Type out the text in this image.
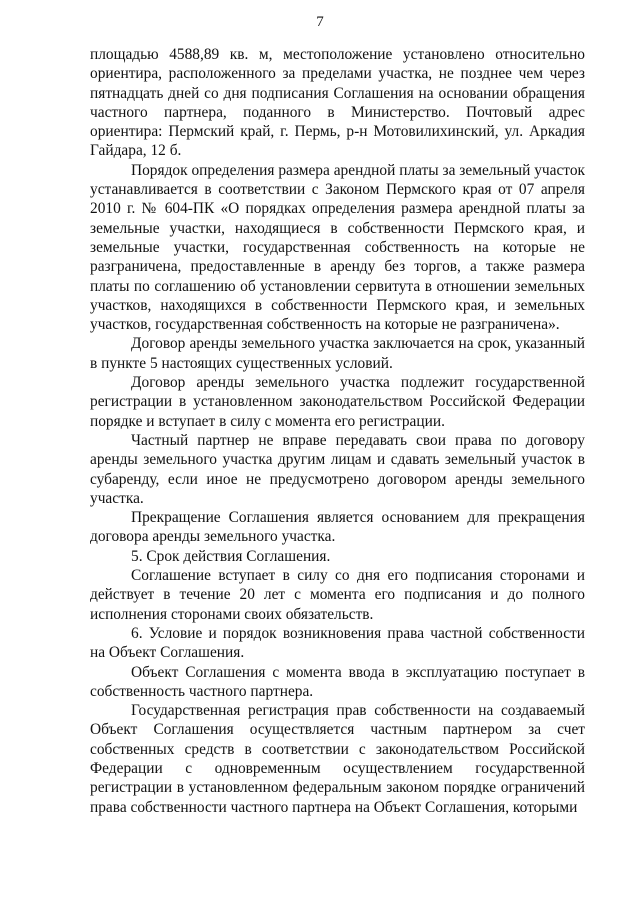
7

площадью 4588,89 кв. м, местоположение установлено относительно ориентира, расположенного за пределами участка, не позднее чем через пятнадцать дней со дня подписания Соглашения на основании обращения частного партнера, поданного в Министерство. Почтовый адрес ориентира: Пермский край, г. Пермь, р-н Мотовилихинский, ул. Аркадия Гайдара, 12 б.

Порядок определения размера арендной платы за земельный участок устанавливается в соответствии с Законом Пермского края от 07 апреля 2010 г. № 604-ПК «О порядках определения размера арендной платы за земельные участки, находящиеся в собственности Пермского края, и земельные участки, государственная собственность на которые не разграничена, предоставленные в аренду без торгов, а также размера платы по соглашению об установлении сервитута в отношении земельных участков, находящихся в собственности Пермского края, и земельных участков, государственная собственность на которые не разграничена».

Договор аренды земельного участка заключается на срок, указанный в пункте 5 настоящих существенных условий.

Договор аренды земельного участка подлежит государственной регистрации в установленном законодательством Российской Федерации порядке и вступает в силу с момента его регистрации.

Частный партнер не вправе передавать свои права по договору аренды земельного участка другим лицам и сдавать земельный участок в субаренду, если иное не предусмотрено договором аренды земельного участка.

Прекращение Соглашения является основанием для прекращения договора аренды земельного участка.

5. Срок действия Соглашения.

Соглашение вступает в силу со дня его подписания сторонами и действует в течение 20 лет с момента его подписания и до полного исполнения сторонами своих обязательств.

6. Условие и порядок возникновения права частной собственности на Объект Соглашения.

Объект Соглашения с момента ввода в эксплуатацию поступает в собственность частного партнера.

Государственная регистрация прав собственности на создаваемый Объект Соглашения осуществляется частным партнером за счет собственных средств в соответствии с законодательством Российской Федерации с одновременным осуществлением государственной регистрации в установленном федеральным законом порядке ограничений права собственности частного партнера на Объект Соглашения, которыми
